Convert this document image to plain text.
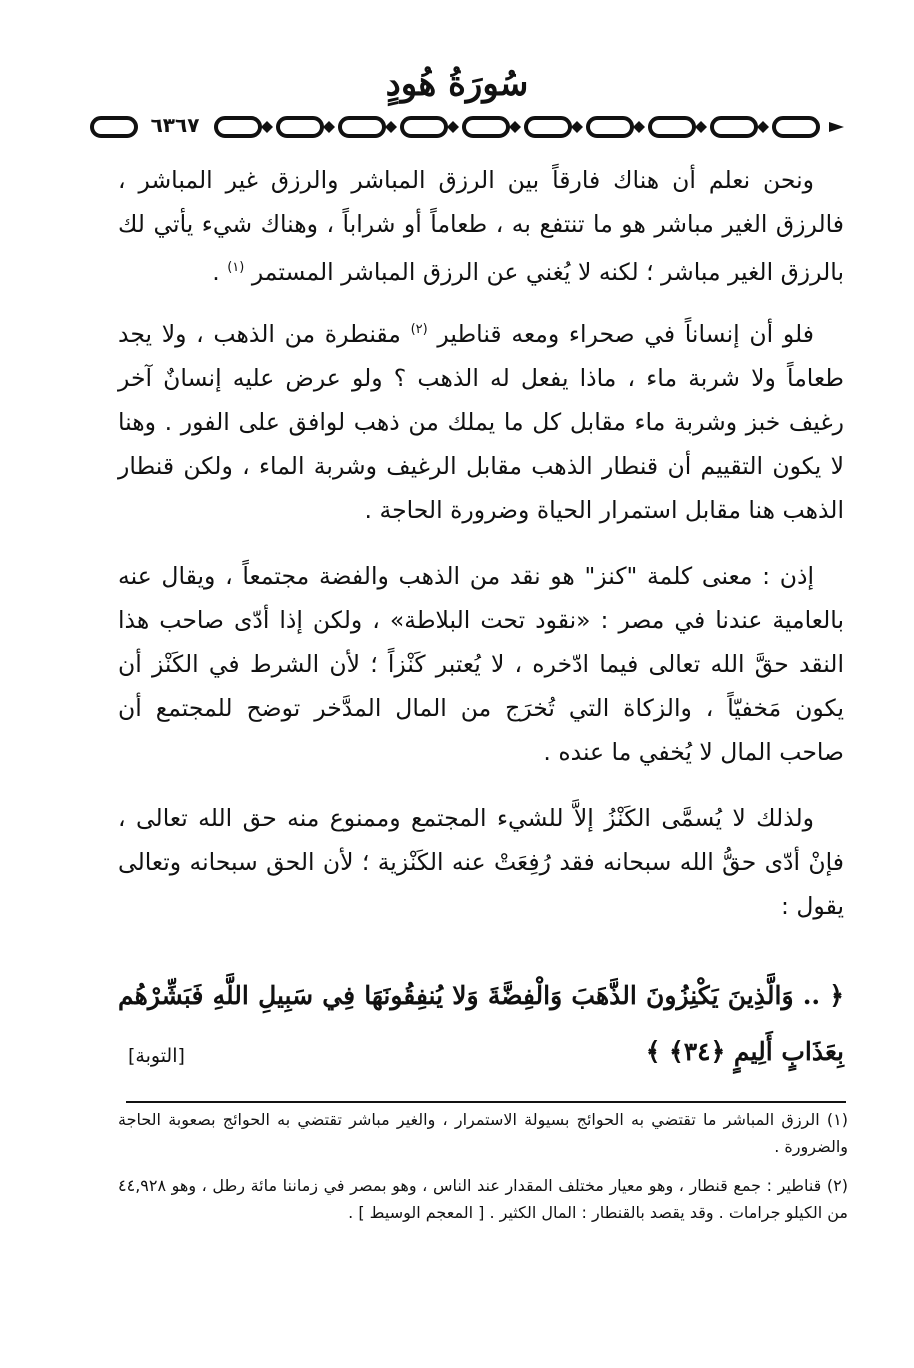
سُورَةُ هُودٍ
٦٣٦٧

ونحن نعلم أن هناك فارقاً بين الرزق المباشر والرزق غير المباشر ، فالرزق الغير مباشر هو ما تنتفع به ، طعاماً أو شراباً ، وهناك شيء يأتي لك بالرزق الغير مباشر ؛ لكنه لا يُغني عن الرزق المباشر المستمر $^{(١)}$ .

فلو أن إنساناً في صحراء ومعه قناطير $^{(٢)}$ مقنطرة من الذهب ، ولا يجد طعاماً ولا شربة ماء ، ماذا يفعل له الذهب ؟ ولو عرض عليه إنسانٌ آخر رغيف خبز وشربة ماء مقابل كل ما يملك من ذهب لوافق على الفور . وهنا لا يكون التقييم أن قنطار الذهب مقابل الرغيف وشربة الماء ، ولكن قنطار الذهب هنا مقابل استمرار الحياة وضرورة الحاجة .

إذن : معنى كلمة "كنز" هو نقد من الذهب والفضة مجتمعاً ، ويقال عنه بالعامية عندنا في مصر : «نقود تحت البلاطة» ، ولكن إذا أدّى صاحب هذا النقد حقَّ الله تعالى فيما ادّخره ، لا يُعتبر كَنْزاً ؛ لأن الشرط في الكَنْز أن يكون مَخفيّاً ، والزكاة التي تُخرَج من المال المدَّخر توضح للمجتمع أن صاحب المال لا يُخفي ما عنده .

ولذلك لا يُسمَّى الكَنْزُ إلاَّ للشيء المجتمع وممنوع منه حق الله تعالى ، فإنْ أدّى حقُّ الله سبحانه فقد رُفِعَتْ عنه الكَنْزية ؛ لأن الحق سبحانه وتعالى يقول :

﴿ .. وَالَّذِينَ يَكْنِزُونَ الذَّهَبَ وَالْفِضَّةَ وَلا يُنفِقُونَهَا فِي سَبِيلِ اللَّهِ فَبَشِّرْهُم بِعَذَابٍ أَلِيمٍ ﴿٣٤﴾ ﴾
[التوبة]

(١) الرزق المباشر ما تقتضي به الحوائج بسيولة الاستمرار ، والغير مباشر تقتضي به الحوائج بصعوبة الحاجة والضرورة .

(٢) قناطير : جمع قنطار ، وهو معيار مختلف المقدار عند الناس ، وهو بمصر في زماننا مائة رطل ، وهو ٤٤,٩٢٨ من الكيلو جرامات . وقد يقصد بالقنطار : المال الكثير . [ المعجم الوسيط ] .
